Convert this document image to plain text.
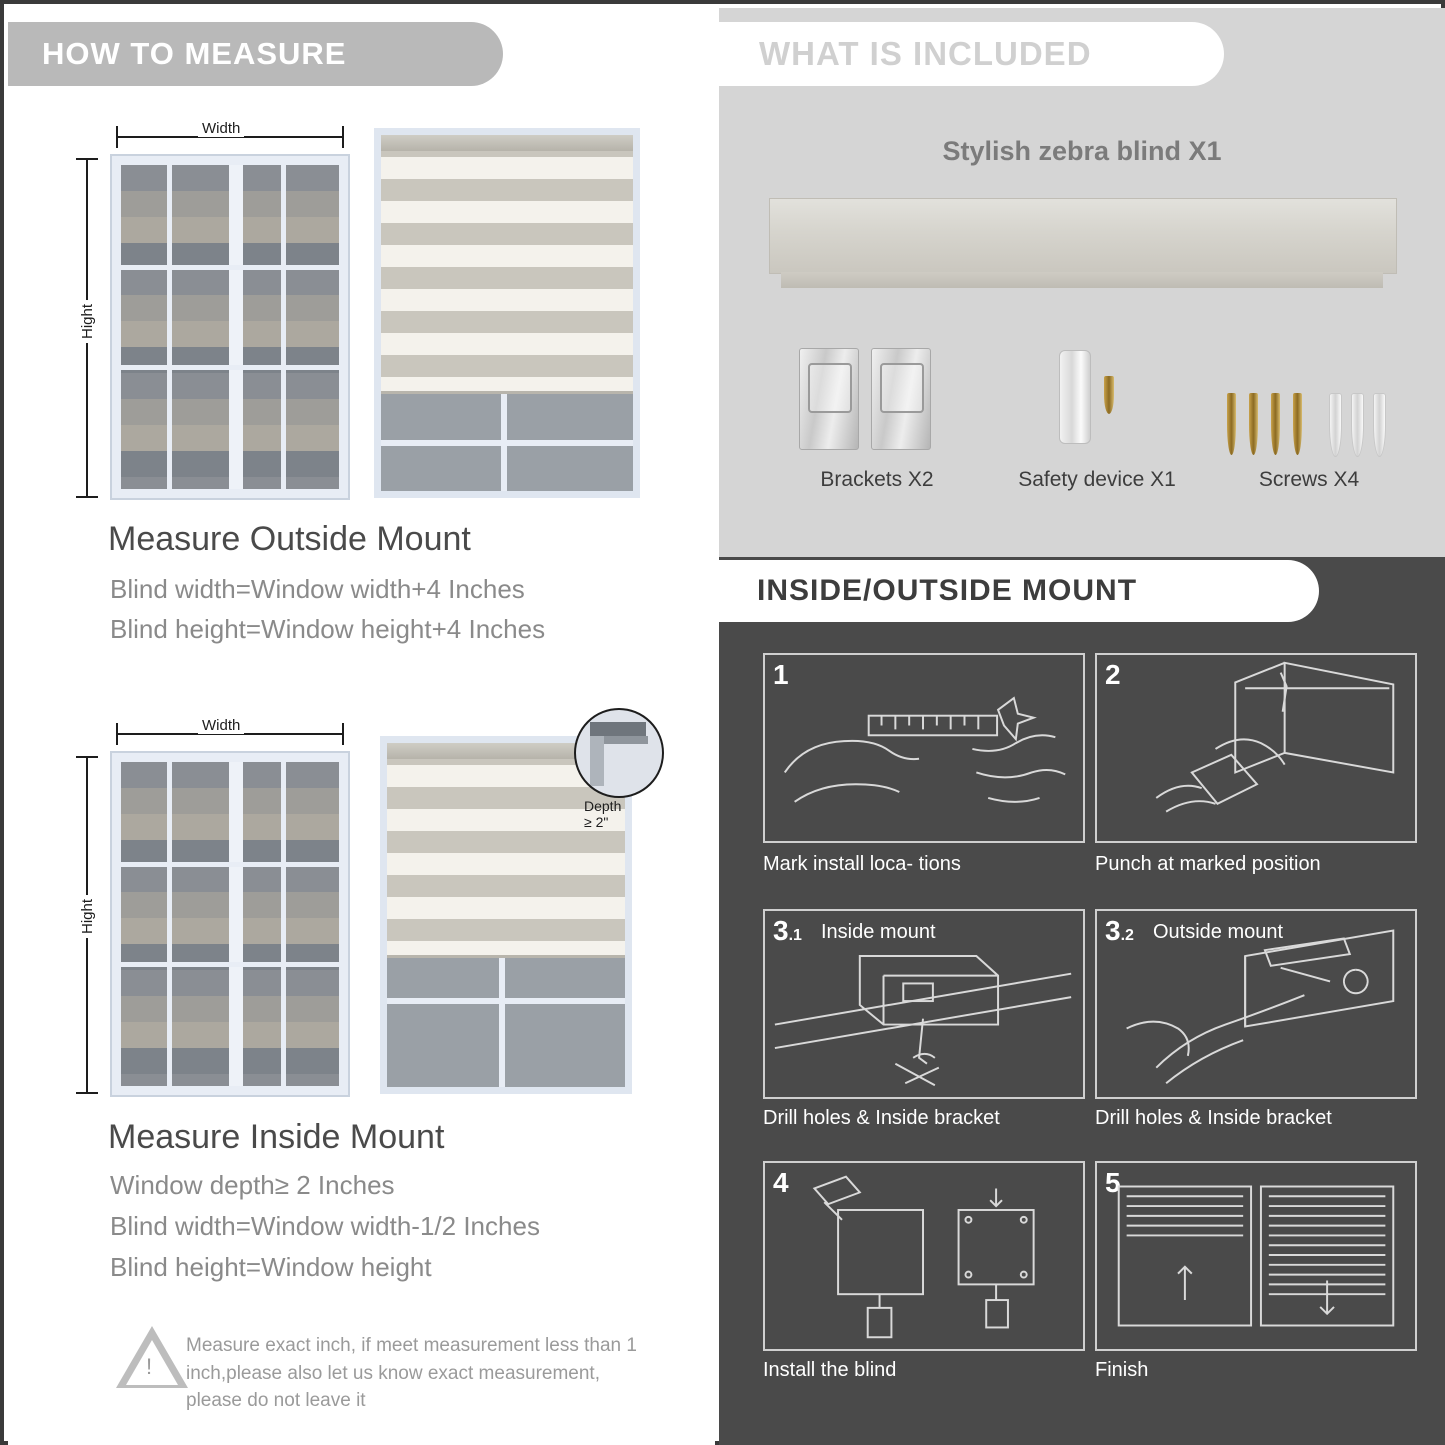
HOW TO MEASURE
Width
Hight
Measure Outside Mount
Blind width=Window width+4 Inches
Blind height=Window height+4 Inches
Width
Hight
Depth ≥ 2"
Measure Inside Mount
Window depth≥ 2 Inches
Blind width=Window width-1/2 Inches
Blind height=Window height
!
Measure exact inch, if meet measurement less than 1 inch,please also let us know exact measurement, please do not leave it
Stylish zebra blind X1
Brackets X2	Safety device X1	Screws X4
1
Mark install loca- tions
2
Punch at marked position
3.1 Inside mount
Drill holes & Inside bracket
3.2 Outside mount
Drill holes & Inside bracket
4
Install the blind
5
Finish
WHAT IS INCLUDED
INSIDE/OUTSIDE MOUNT
